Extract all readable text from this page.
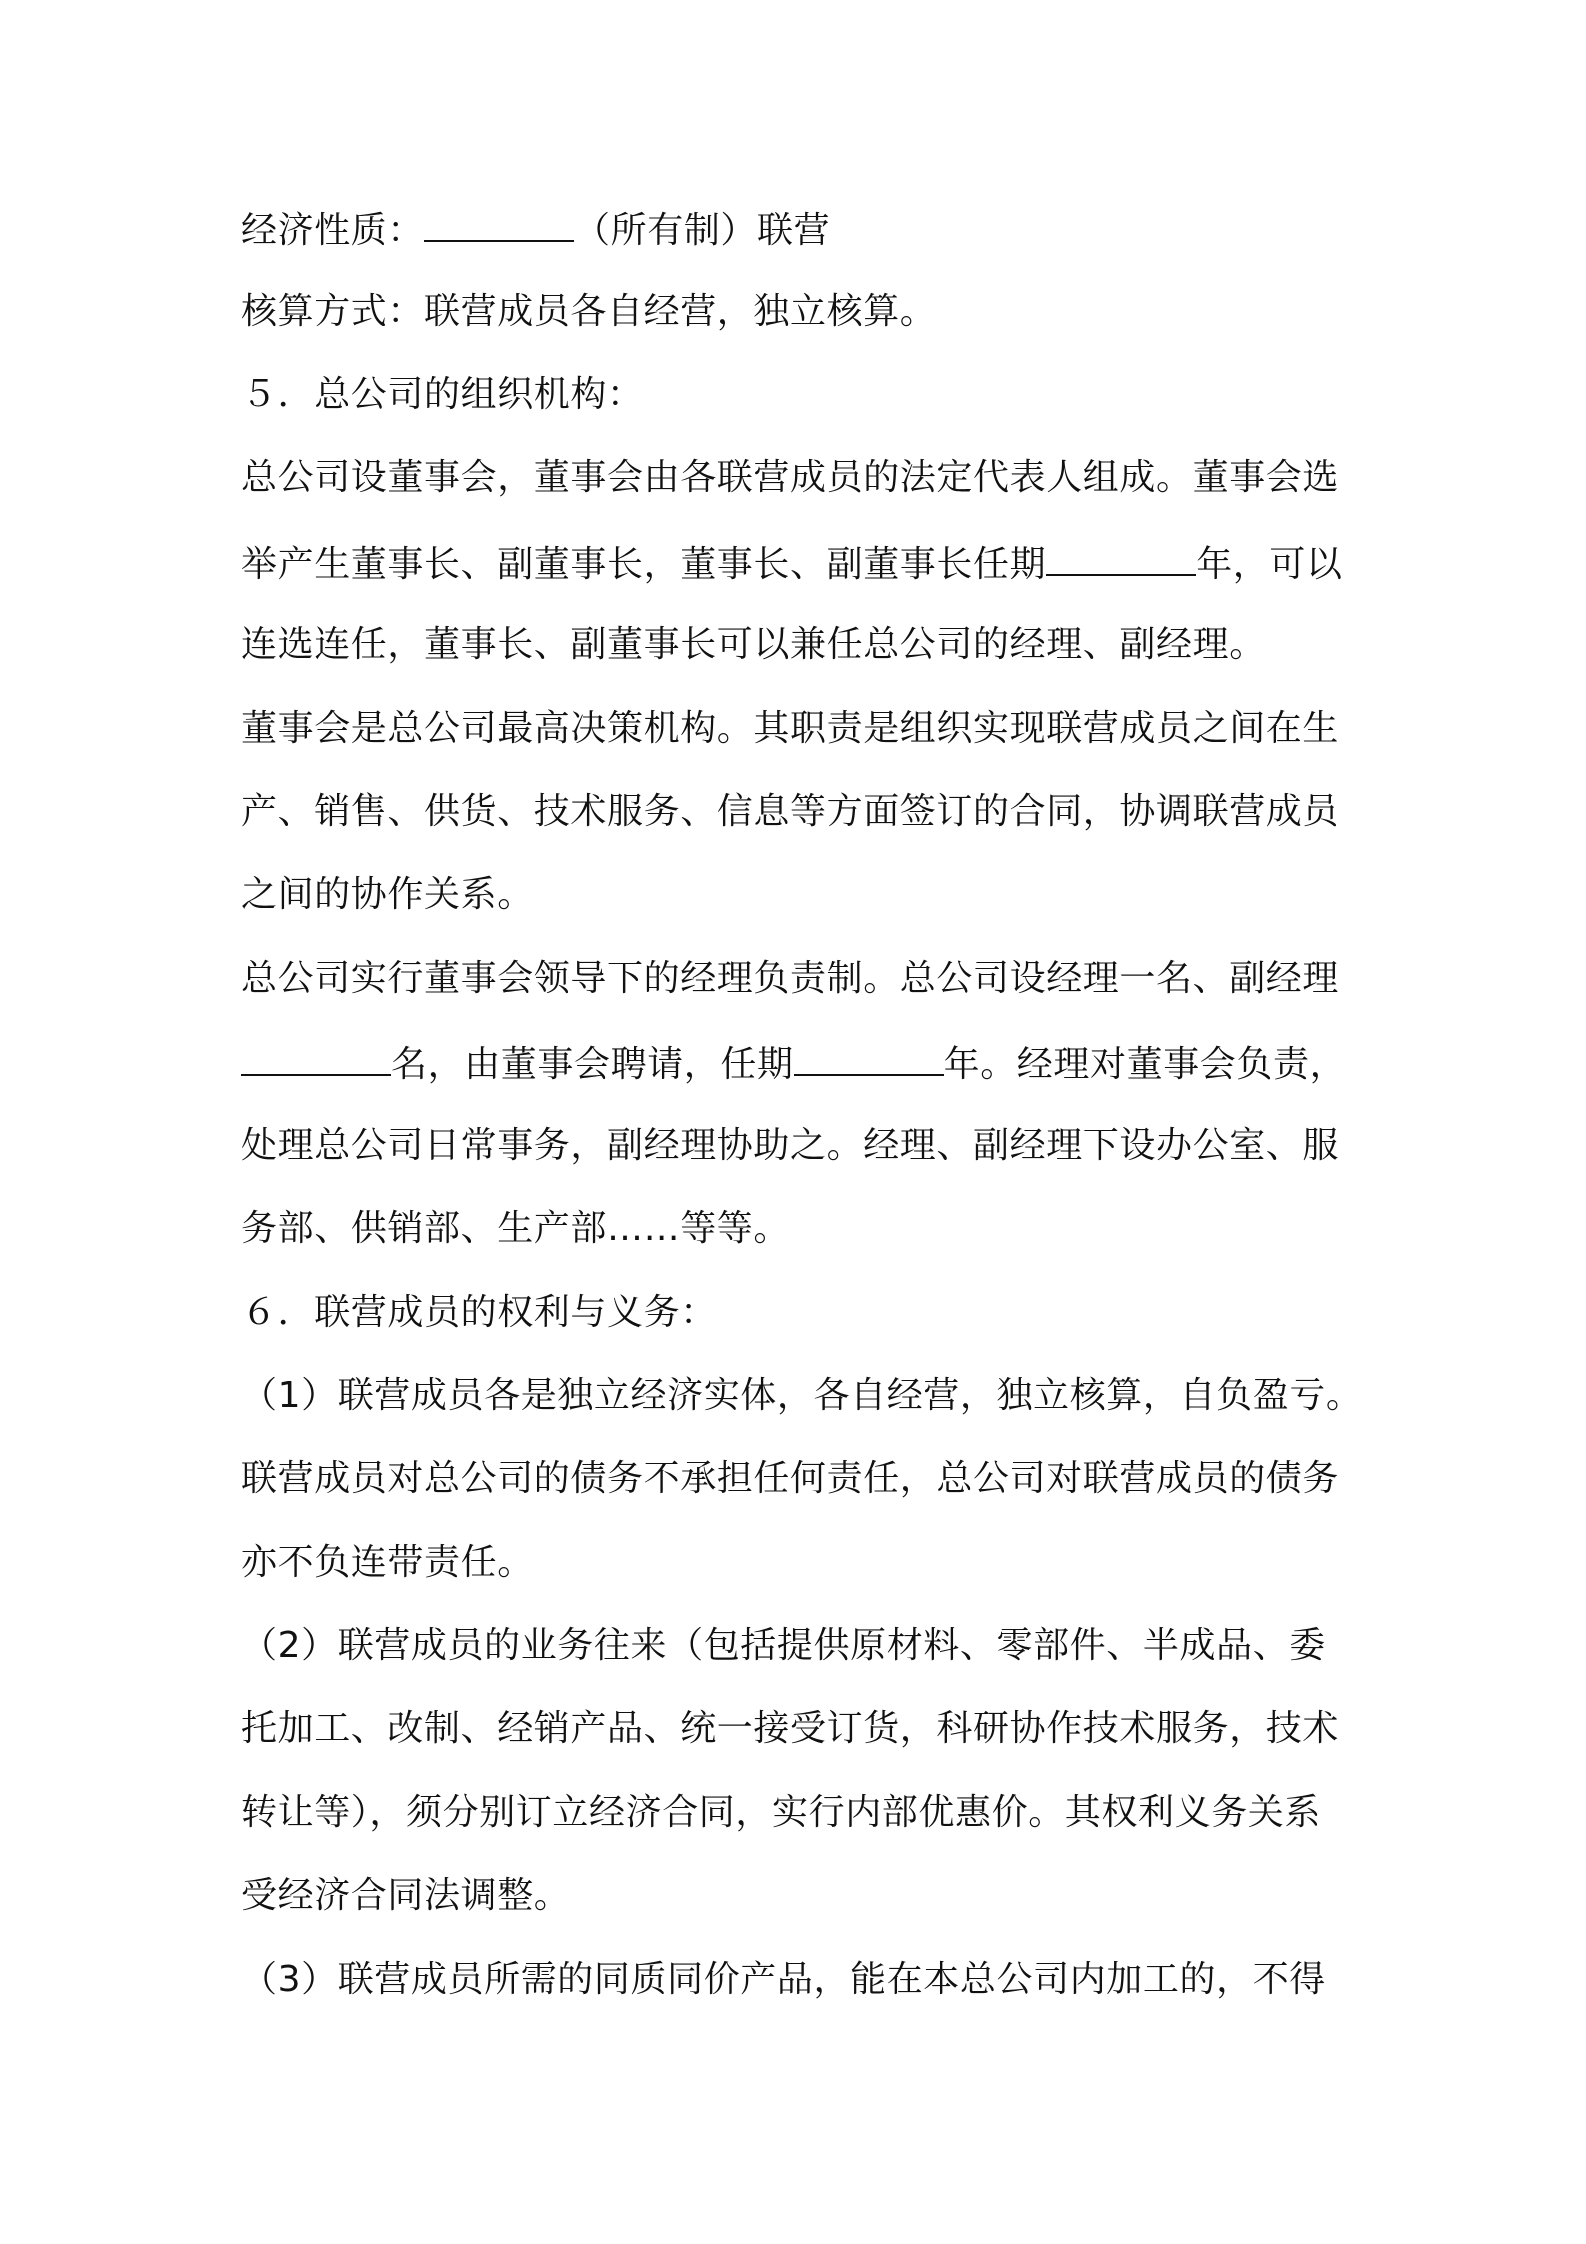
经济性质：	（所有制）联营
核算方式：联营成员各自经营，独立核算。
５．总公司的组织机构：
总公司设董事会，董事会由各联营成员的法定代表人组成。董事会选
举产生董事长、副董事长，董事长、副董事长任期	年，可以
连选连任，董事长、副董事长可以兼任总公司的经理、副经理。
董事会是总公司最高决策机构。其职责是组织实现联营成员之间在生
产、销售、供货、技术服务、信息等方面签订的合同，协调联营成员
之间的协作关系。
总公司实行董事会领导下的经理负责制。总公司设经理一名、副经理
名，由董事会聘请，任期	年。经理对董事会负责，
处理总公司日常事务，副经理协助之。经理、副经理下设办公室、服
务部、供销部、生产部……等等。
６．联营成员的权利与义务：
（1）联营成员各是独立经济实体，各自经营，独立核算，自负盈亏。
联营成员对总公司的债务不承担任何责任，总公司对联营成员的债务
亦不负连带责任。
（2）联营成员的业务往来（包括提供原材料、零部件、半成品、委
托加工、改制、经销产品、统一接受订货，科研协作技术服务，技术
转让等），须分别订立经济合同，实行内部优惠价。其权利义务关系
受经济合同法调整。
（3）联营成员所需的同质同价产品，能在本总公司内加工的，不得
